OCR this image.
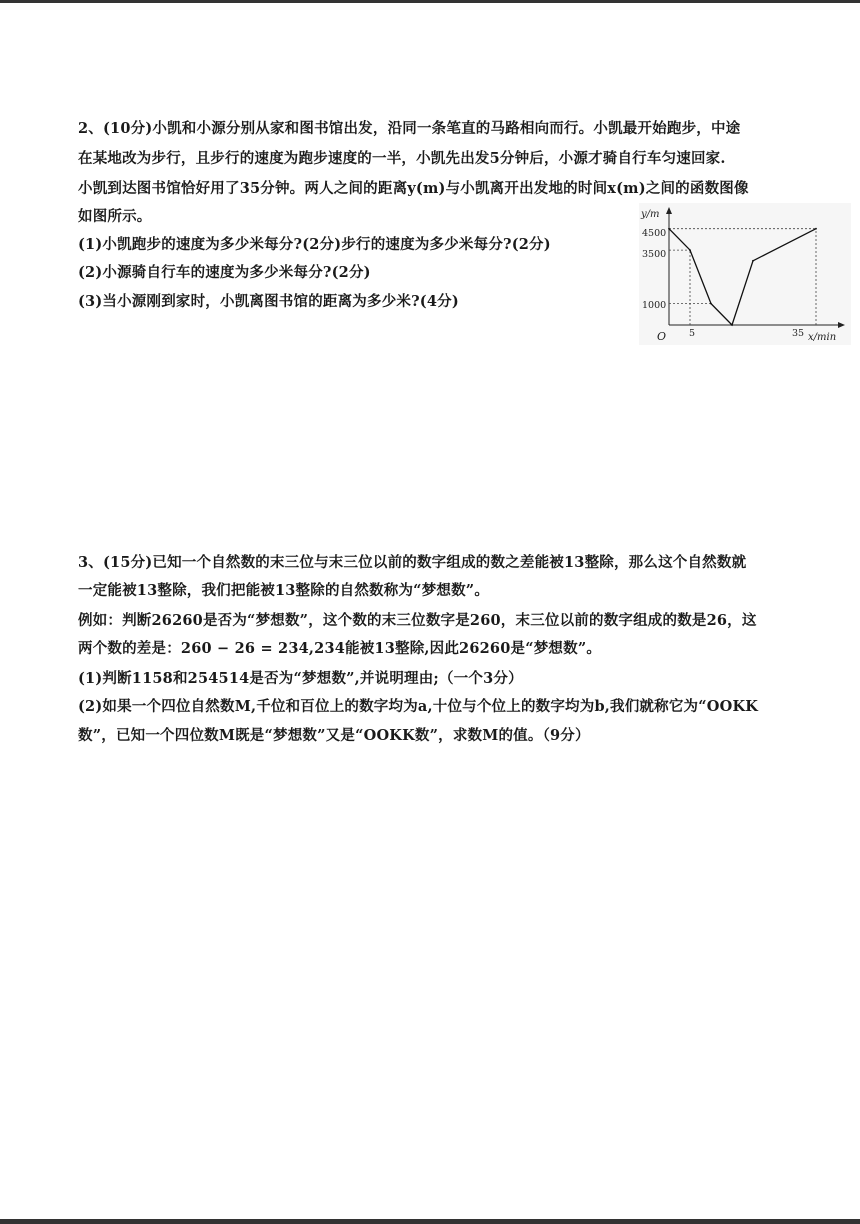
2、(10分)小凯和小源分别从家和图书馆出发，沿同一条笔直的马路相向而行。小凯最开始跑步，中途
在某地改为步行，且步行的速度为跑步速度的一半，小凯先出发5分钟后，小源才骑自行车匀速回家.
小凯到达图书馆恰好用了35分钟。两人之间的距离y(m)与小凯离开出发地的时间x(m)之间的函数图像
如图所示。
(1)小凯跑步的速度为多少米每分?(2分)步行的速度为多少米每分?(2分)
(2)小源骑自行车的速度为多少米每分?(2分)
(3)当小源刚到家时，小凯离图书馆的距离为多少米?(4分)
y/m
x/min
O
4500
3500
1000
5	35
3、(15分)已知一个自然数的末三位与末三位以前的数字组成的数之差能被13整除，那么这个自然数就
一定能被13整除，我们把能被13整除的自然数称为“梦想数”。
例如：判断26260是否为“梦想数”，这个数的末三位数字是260，末三位以前的数字组成的数是26，这
两个数的差是：260 − 26 = 234,234能被13整除,因此26260是“梦想数”。
(1)判断1158和254514是否为“梦想数”,并说明理由;（一个3分）
(2)如果一个四位自然数M,千位和百位上的数字均为a,十位与个位上的数字均为b,我们就称它为“OOKK
数”，已知一个四位数M既是“梦想数”又是“OOKK数”，求数M的值。（9分）
